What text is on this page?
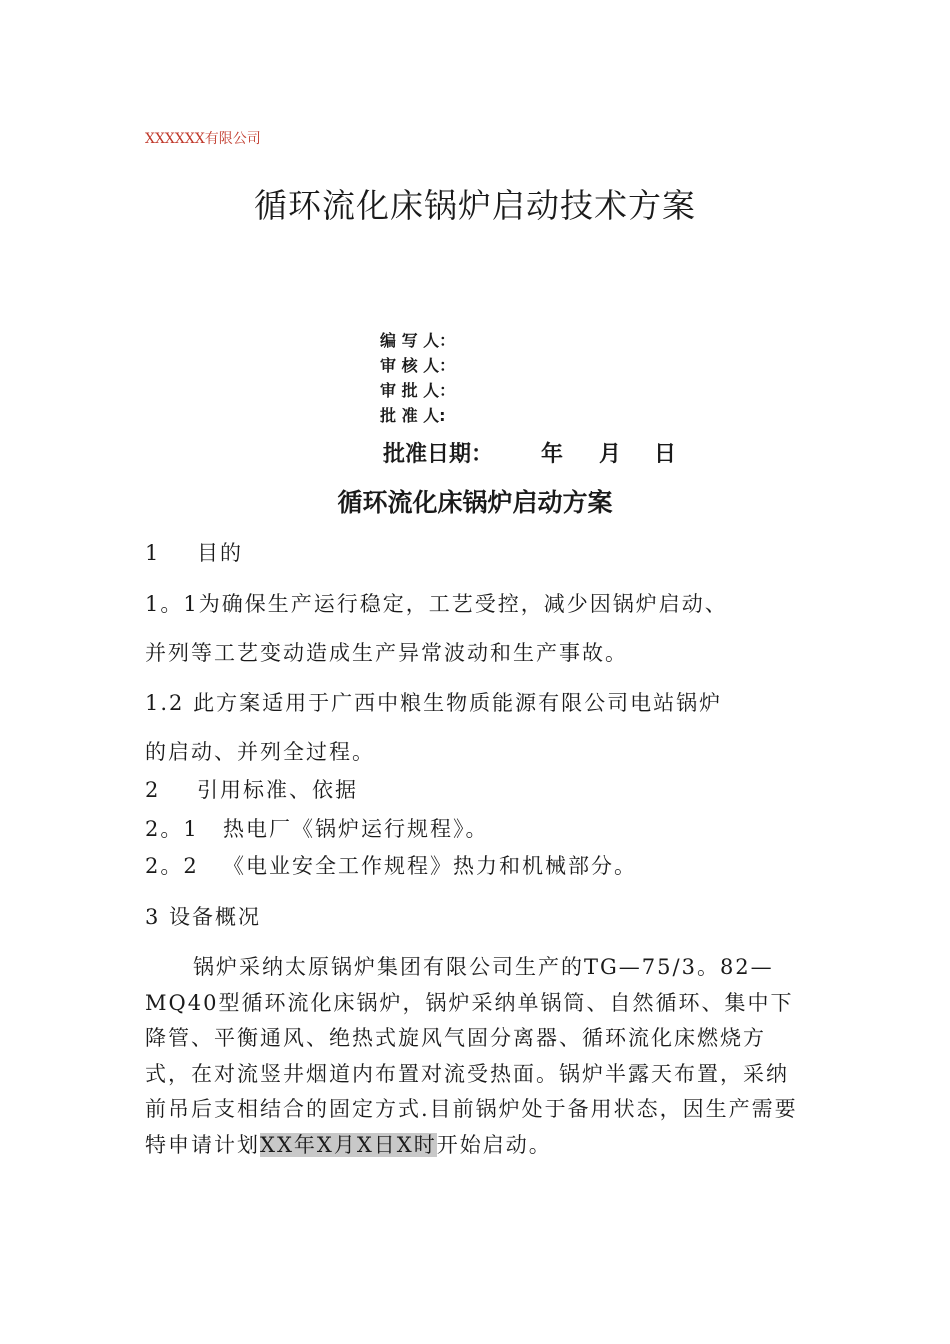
XXXXXX有限公司
循环流化床锅炉启动技术方案
编 写 人：
审 核 人：
审 批 人：
批 准 人:
批准日期： 年 月 日
循环流化床锅炉启动方案
1 目的
1。1为确保生产运行稳定，工艺受控，减少因锅炉启动、
并列等工艺变动造成生产异常波动和生产事故。
1.2 此方案适用于广西中粮生物质能源有限公司电站锅炉
的启动、并列全过程。
2 引用标准、依据
2。1 热电厂《锅炉运行规程》。
2。2 《电业安全工作规程》热力和机械部分。
3 设备概况

锅炉采纳太原锅炉集团有限公司生产的TG—75/3。82—MQ40型循环流化床锅炉，锅炉采纳单锅筒、自然循环、集中下降管、平衡通风、绝热式旋风气固分离器、循环流化床燃烧方式，在对流竖井烟道内布置对流受热面。锅炉半露天布置，采纳前吊后支相结合的固定方式.目前锅炉处于备用状态，因生产需要特申请计划XX年X月X日X时开始启动。
